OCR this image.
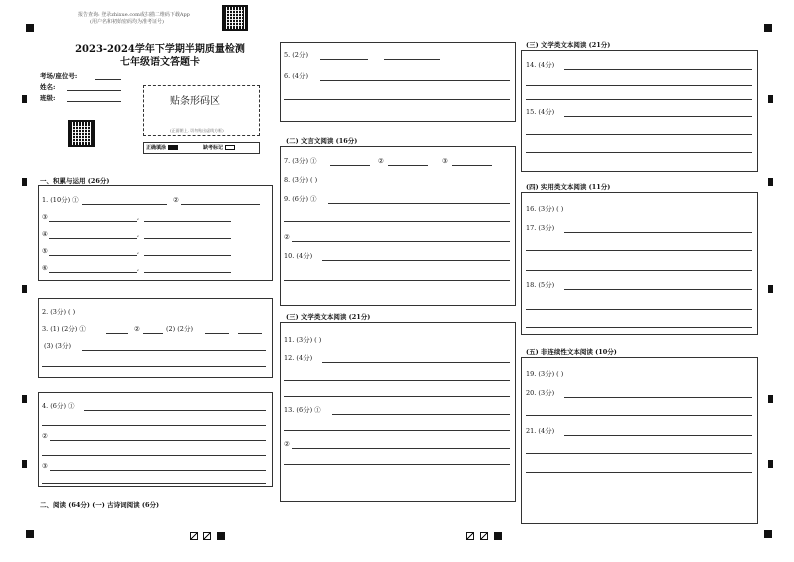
报告查询: 登录zhixue.com或扫描二维码下载App
(用户名和初始密码均为准考证号)
2023-2024学年下学期半期质量检测
七年级语文答题卡
考场/座位号:
姓名:
班级:	贴条形码区
(正面朝上, 切勿贴出虚线方框)
正确填涂	缺考标记
一、积累与运用 (26分)
1. (10分) ①	②
③	,
④	,
⑤	,
⑥	,
2. (3分) ( )
3. (1) (2分) ①	②	(2) (2分)
(3) (3分)
4. (6分) ①
②
③
二、阅读 (64分) (一) 古诗词阅读 (6分)
5. (2分)
6. (4分)
(二) 文言文阅读 (16分)
7. (3分) ①	②	③
8. (3分) ( )
9. (6分) ①
②
10. (4分)
(三) 文学类文本阅读 (21分)
11. (3分) ( )
12. (4分)
13. (6分) ①
②
(三) 文学类文本阅读 (21分)
14. (4分)
15. (4分)
(四) 实用类文本阅读 (11分)
16. (3分) ( )
17. (3分)
18. (5分)
(五) 非连续性文本阅读 (10分)
19. (3分) ( )
20. (3分)
21. (4分)
